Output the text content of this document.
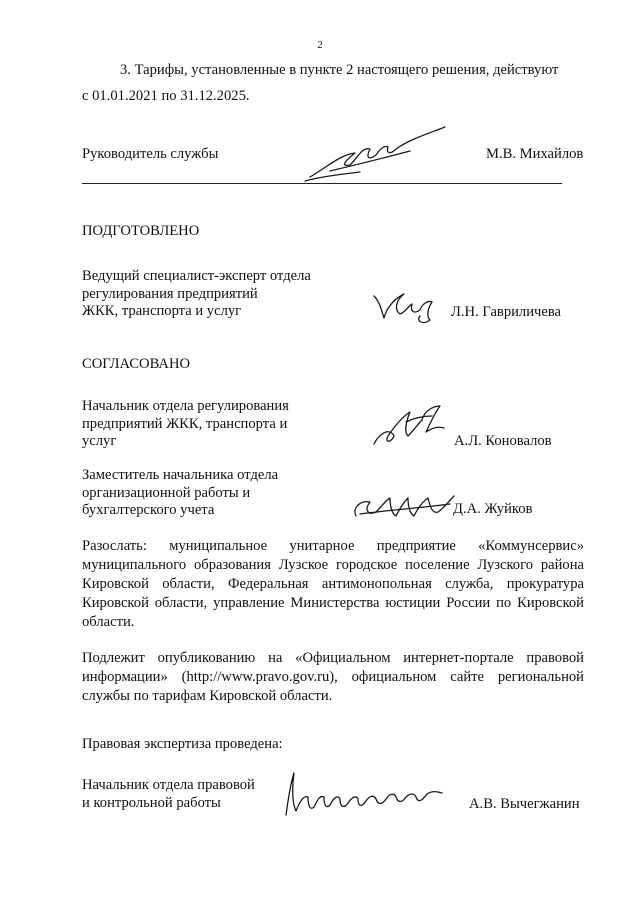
2
3. Тарифы, установленные в пункте 2 настоящего решения, действуют
с 01.01.2021 по 31.12.2025.
Руководитель службы	М.В. Михайлов
ПОДГОТОВЛЕНО
Ведущий специалист-эксперт отдела
регулирования предприятий
ЖКК, транспорта и услуг	Л.Н. Гавриличева
СОГЛАСОВАНО
Начальник отдела регулирования
предприятий ЖКК, транспорта и
услуг	А.Л. Коновалов
Заместитель начальника отдела
организационной работы и
бухгалтерского учета	Д.А. Жуйков
Разослать: муниципальное унитарное предприятие «Коммунсервис» муниципального образования Лузское городское поселение Лузского района Кировской области, Федеральная антимонопольная служба, прокуратура Кировской области, управление Министерства юстиции России по Кировской области.
Подлежит опубликованию на «Официальном интернет-портале правовой информации» (http://www.pravo.gov.ru), официальном сайте региональной службы по тарифам Кировской области.
Правовая экспертиза проведена:
Начальник отдела правовой
и контрольной работы	А.В. Вычегжанин
